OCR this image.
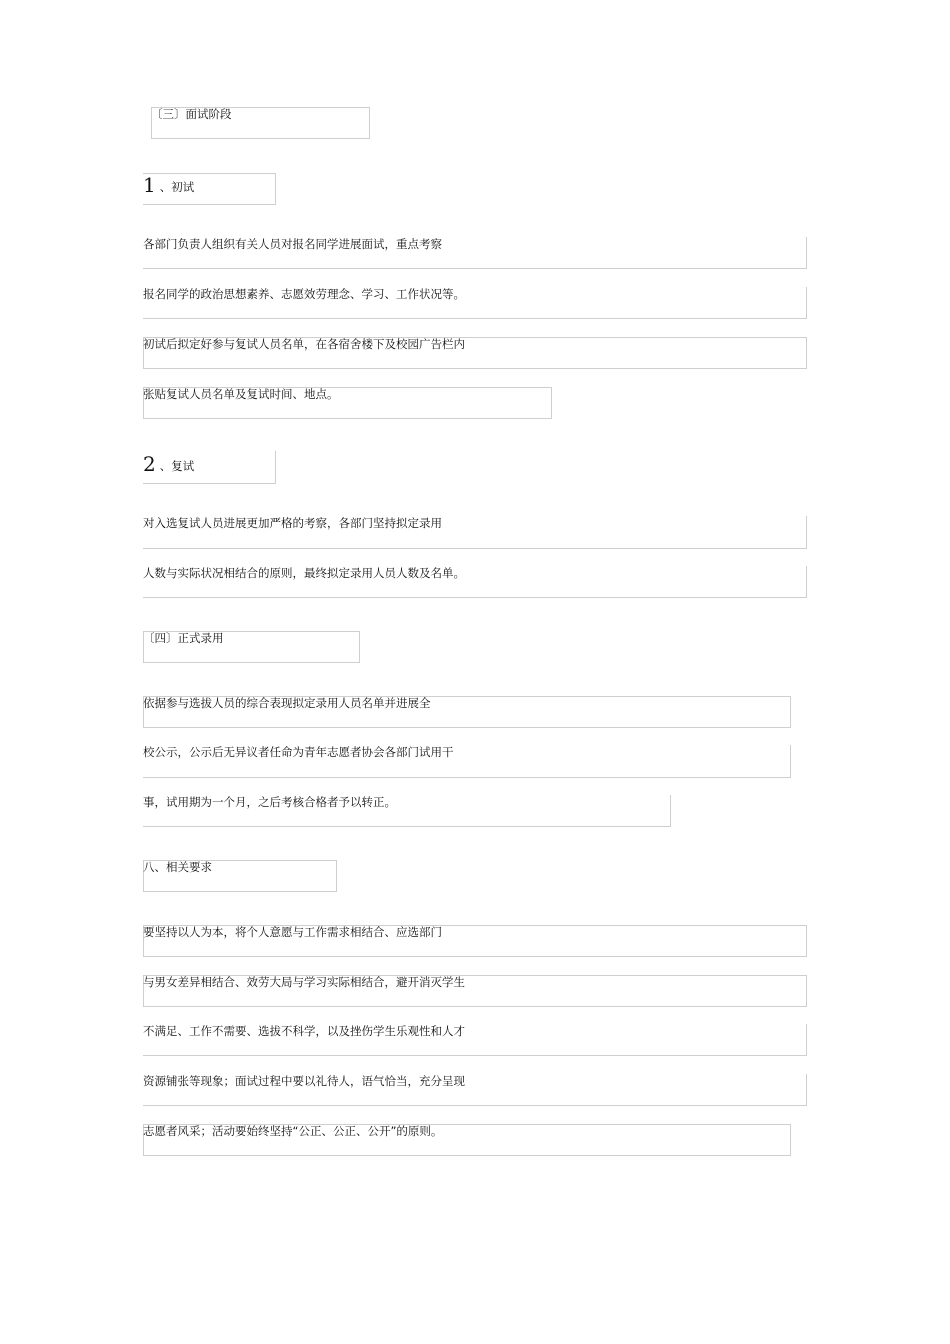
〔三〕面试阶段
1 、初试
各部门负责人组织有关人员对报名同学进展面试，重点考察
报名同学的政治思想素养、志愿效劳理念、学习、工作状况等。
初试后拟定好参与复试人员名单，在各宿舍楼下及校园广告栏内
张贴复试人员名单及复试时间、地点。
2 、复试
对入选复试人员进展更加严格的考察，各部门坚持拟定录用
人数与实际状况相结合的原则，最终拟定录用人员人数及名单。
〔四〕正式录用
依据参与选拔人员的综合表现拟定录用人员名单并进展全
校公示，公示后无异议者任命为青年志愿者协会各部门试用干
事，试用期为一个月，之后考核合格者予以转正。
八、相关要求
要坚持以人为本，将个人意愿与工作需求相结合、应选部门
与男女差异相结合、效劳大局与学习实际相结合，避开消灭学生
不满足、工作不需要、选拔不科学，以及挫伤学生乐观性和人才
资源铺张等现象；面试过程中要以礼待人，语气恰当，充分呈现
志愿者风采；活动要始终坚持“公正、公正、公开”的原则。
